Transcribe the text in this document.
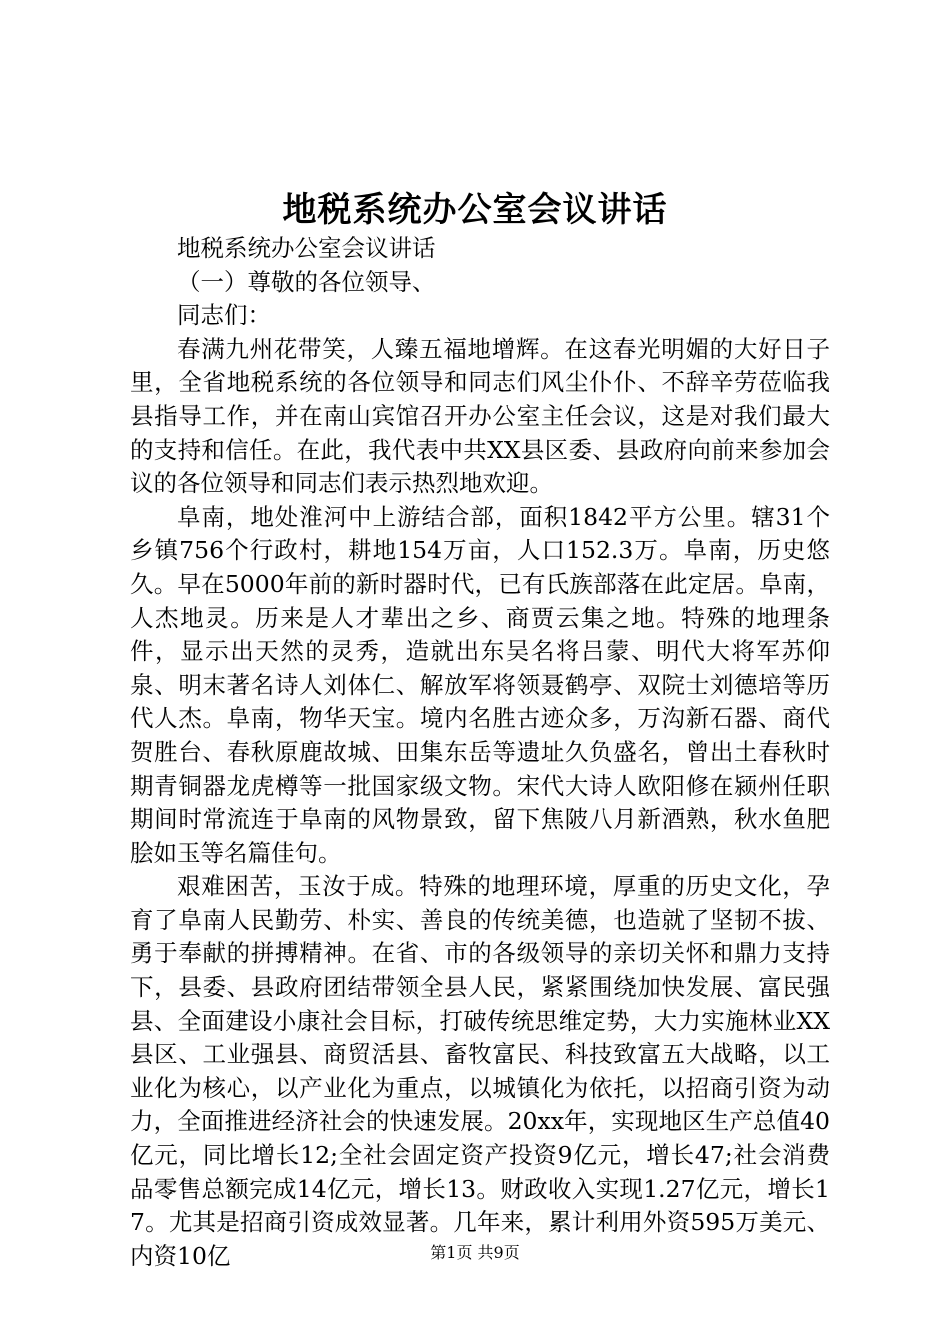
地税系统办公室会议讲话

地税系统办公室会议讲话

（一）尊敬的各位领导、

同志们：

春满九州花带笑，人臻五福地增辉。在这春光明媚的大好日子里，全省地税系统的各位领导和同志们风尘仆仆、不辞辛劳莅临我县指导工作，并在南山宾馆召开办公室主任会议，这是对我们最大的支持和信任。在此，我代表中共XX县区委、县政府向前来参加会议的各位领导和同志们表示热烈地欢迎。

阜南，地处淮河中上游结合部，面积1842平方公里。辖31个乡镇756个行政村，耕地154万亩，人口152.3万。阜南，历史悠久。早在5000年前的新时器时代，已有氏族部落在此定居。阜南，人杰地灵。历来是人才辈出之乡、商贾云集之地。特殊的地理条件，显示出天然的灵秀，造就出东吴名将吕蒙、明代大将军苏仰泉、明末著名诗人刘体仁、解放军将领聂鹤亭、双院士刘德培等历代人杰。阜南，物华天宝。境内名胜古迹众多，万沟新石器、商代贺胜台、春秋原鹿故城、田集东岳等遗址久负盛名，曾出土春秋时期青铜器龙虎樽等一批国家级文物。宋代大诗人欧阳修在颍州任职期间时常流连于阜南的风物景致，留下焦陂八月新酒熟，秋水鱼肥脍如玉等名篇佳句。

艰难困苦，玉汝于成。特殊的地理环境，厚重的历史文化，孕育了阜南人民勤劳、朴实、善良的传统美德，也造就了坚韧不拔、勇于奉献的拼搏精神。在省、市的各级领导的亲切关怀和鼎力支持下，县委、县政府团结带领全县人民，紧紧围绕加快发展、富民强县、全面建设小康社会目标，打破传统思维定势，大力实施林业XX县区、工业强县、商贸活县、畜牧富民、科技致富五大战略，以工业化为核心，以产业化为重点，以城镇化为依托，以招商引资为动力，全面推进经济社会的快速发展。20xx年，实现地区生产总值40亿元，同比增长12;全社会固定资产投资9亿元，增长47;社会消费品零售总额完成14亿元，增长13。财政收入实现1.27亿元，增长17。尤其是招商引资成效显著。几年来，累计利用外资595万美元、内资10亿	第1页 共9页
